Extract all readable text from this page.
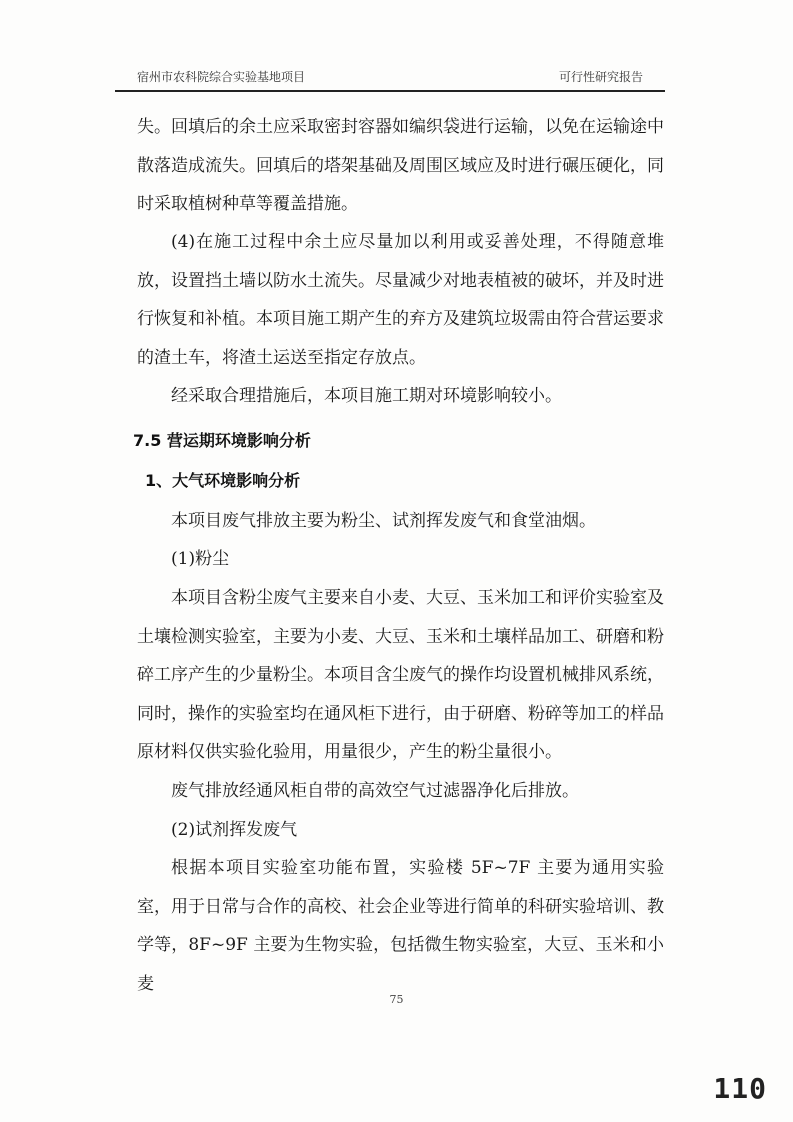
宿州市农科院综合实验基地项目	可行性研究报告

失。回填后的余土应采取密封容器如编织袋进行运输，以免在运输途中散落造成流失。回填后的塔架基础及周围区域应及时进行碾压硬化，同时采取植树种草等覆盖措施。

(4)在施工过程中余土应尽量加以利用或妥善处理，不得随意堆放，设置挡土墙以防水土流失。尽量减少对地表植被的破坏，并及时进行恢复和补植。本项目施工期产生的弃方及建筑垃圾需由符合营运要求的渣土车，将渣土运送至指定存放点。

经采取合理措施后，本项目施工期对环境影响较小。

7.5 营运期环境影响分析
1、大气环境影响分析

本项目废气排放主要为粉尘、试剂挥发废气和食堂油烟。

(1)粉尘

本项目含粉尘废气主要来自小麦、大豆、玉米加工和评价实验室及土壤检测实验室，主要为小麦、大豆、玉米和土壤样品加工、研磨和粉碎工序产生的少量粉尘。本项目含尘废气的操作均设置机械排风系统，同时，操作的实验室均在通风柜下进行，由于研磨、粉碎等加工的样品原材料仅供实验化验用，用量很少，产生的粉尘量很小。

废气排放经通风柜自带的高效空气过滤器净化后排放。

(2)试剂挥发废气

根据本项目实验室功能布置，实验楼 5F~7F 主要为通用实验室，用于日常与合作的高校、社会企业等进行简单的科研实验培训、教学等，8F~9F 主要为生物实验，包括微生物实验室，大豆、玉米和小麦

75
110
